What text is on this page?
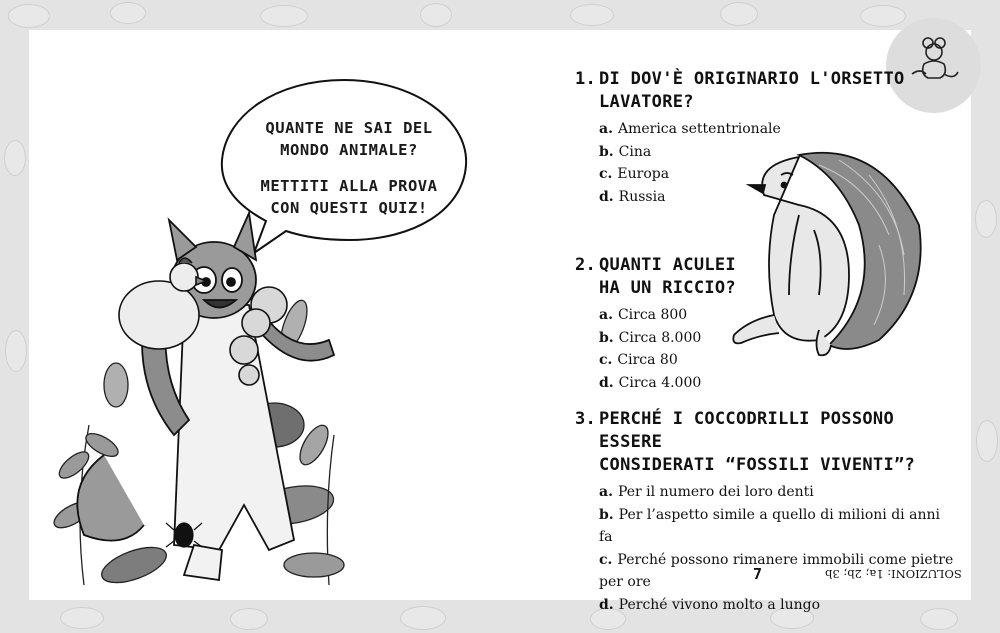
QUANTE NE SAI DEL
MONDO ANIMALE?
METTITI ALLA PROVA
CON QUESTI QUIZ!
1. DI DOV'È ORIGINARIO L'ORSETTO
LAVATORE?
a. America settentrionale
b. Cina
c. Europa
d. Russia
2. QUANTI ACULEI
HA UN RICCIO?
a. Circa 800
b. Circa 8.000
c. Circa 80
d. Circa 4.000
3. PERCHÉ I COCCODRILLI POSSONO ESSERE
CONSIDERATI “FOSSILI VIVENTI”?
a. Per il numero dei loro denti
b. Per l’aspetto simile a quello di milioni di anni fa
c. Perché possono rimanere immobili come pietre per ore
d. Perché vivono molto a lungo
7	SOLUZIONI: 1a; 2b; 3b
